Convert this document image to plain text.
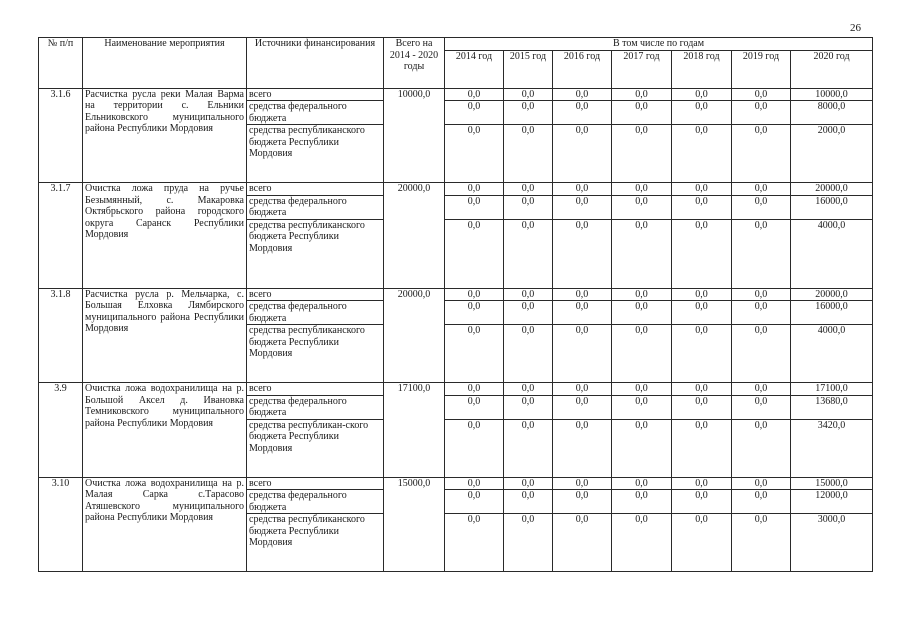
26
№ п/п	Наименование мероприятия	Источники финансирования	Всего на 2014 - 2020 годы	В том числе по годам						
				2014 год	2015 год	2016 год	2017 год	2018 год	2019 год	2020 год
3.1.6	Расчистка русла реки Малая Варма на территории с. Ельники Ельниковского муниципального района Республики Мордовия	всего	10000,0	0,0	0,0	0,0	0,0	0,0	0,0	10000,0
		средства федерального бюджета		0,0	0,0	0,0	0,0	0,0	0,0	8000,0
		средства республиканского бюджета Республики Мордовия		0,0	0,0	0,0	0,0	0,0	0,0	2000,0
3.1.7	Очистка ложа пруда на ручье Безымянный, с. Макаровка Октябрьского района городского округа Саранск Республики Мордовия	всего	20000,0	0,0	0,0	0,0	0,0	0,0	0,0	20000,0
		средства федерального бюджета		0,0	0,0	0,0	0,0	0,0	0,0	16000,0
		средства республиканского бюджета Республики Мордовия		0,0	0,0	0,0	0,0	0,0	0,0	4000,0
3.1.8	Расчистка русла р. Мельчарка, с. Большая Елховка Лямбирского муниципального района Республики Мордовия	всего	20000,0	0,0	0,0	0,0	0,0	0,0	0,0	20000,0
		средства федерального бюджета		0,0	0,0	0,0	0,0	0,0	0,0	16000,0
		средства республиканского бюджета Республики Мордовия		0,0	0,0	0,0	0,0	0,0	0,0	4000,0
3.9	Очистка ложа водохранилища на р. Большой Аксел д. Ивановка Темниковского муниципального района Республики Мордовия	всего	17100,0	0,0	0,0	0,0	0,0	0,0	0,0	17100,0
		средства федерального бюджета		0,0	0,0	0,0	0,0	0,0	0,0	13680,0
		средства республикан-ского бюджета Республики Мордовия		0,0	0,0	0,0	0,0	0,0	0,0	3420,0
3.10	Очистка ложа водохранилища на р. Малая Сарка с.Тарасово Атяшевского муниципального района Республики Мордовия	всего	15000,0	0,0	0,0	0,0	0,0	0,0	0,0	15000,0
		средства федерального бюджета		0,0	0,0	0,0	0,0	0,0	0,0	12000,0
		средства республиканского бюджета Республики Мордовия		0,0	0,0	0,0	0,0	0,0	0,0	3000,0
